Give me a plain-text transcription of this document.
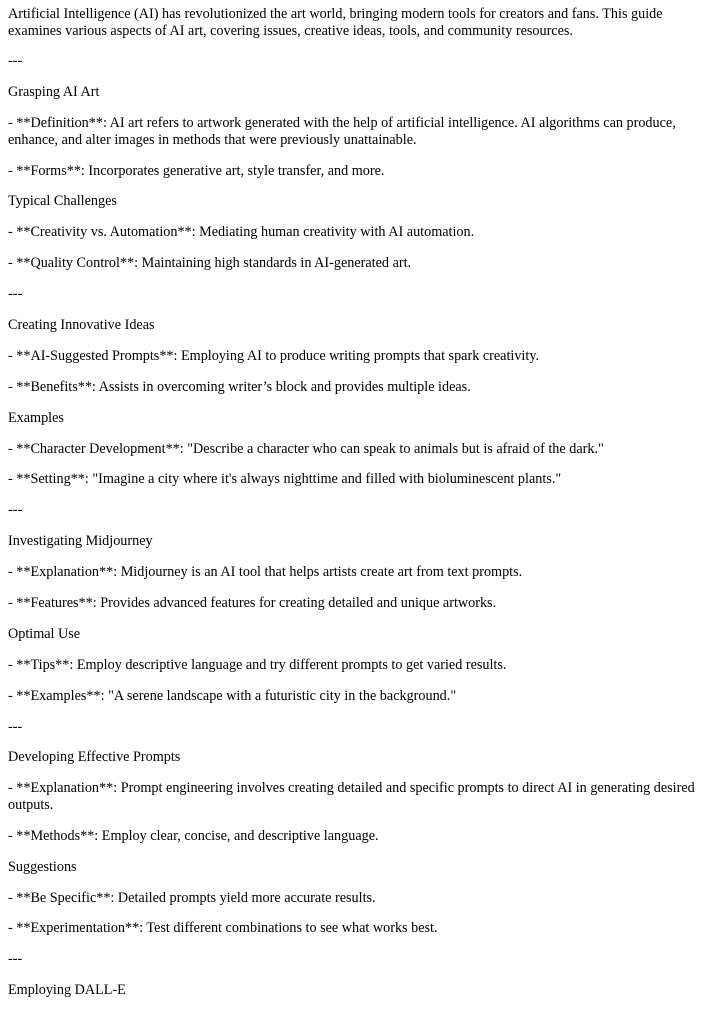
Artificial Intelligence (AI) has revolutionized the art world, bringing modern tools for creators and fans. This guide examines various aspects of AI art, covering issues, creative ideas, tools, and community resources.

---
Grasping AI Art

- **Definition**: AI art refers to artwork generated with the help of artificial intelligence. AI algorithms can produce, enhance, and alter images in methods that were previously unattainable.

- **Forms**: Incorporates generative art, style transfer, and more.

Typical Challenges

- **Creativity vs. Automation**: Mediating human creativity with AI automation.

- **Quality Control**: Maintaining high standards in AI-generated art.

---
Creating Innovative Ideas

- **AI-Suggested Prompts**: Employing AI to produce writing prompts that spark creativity.

- **Benefits**: Assists in overcoming writer’s block and provides multiple ideas.

Examples

- **Character Development**: "Describe a character who can speak to animals but is afraid of the dark."

- **Setting**: "Imagine a city where it's always nighttime and filled with bioluminescent plants."

---
Investigating Midjourney

- **Explanation**: Midjourney is an AI tool that helps artists create art from text prompts.

- **Features**: Provides advanced features for creating detailed and unique artworks.

Optimal Use

- **Tips**: Employ descriptive language and try different prompts to get varied results.

- **Examples**: "A serene landscape with a futuristic city in the background."

---
Developing Effective Prompts

- **Explanation**: Prompt engineering involves creating detailed and specific prompts to direct AI in generating desired outputs.

- **Methods**: Employ clear, concise, and descriptive language.

Suggestions

- **Be Specific**: Detailed prompts yield more accurate results.

- **Experimentation**: Test different combinations to see what works best.

---
Employing DALL-E
